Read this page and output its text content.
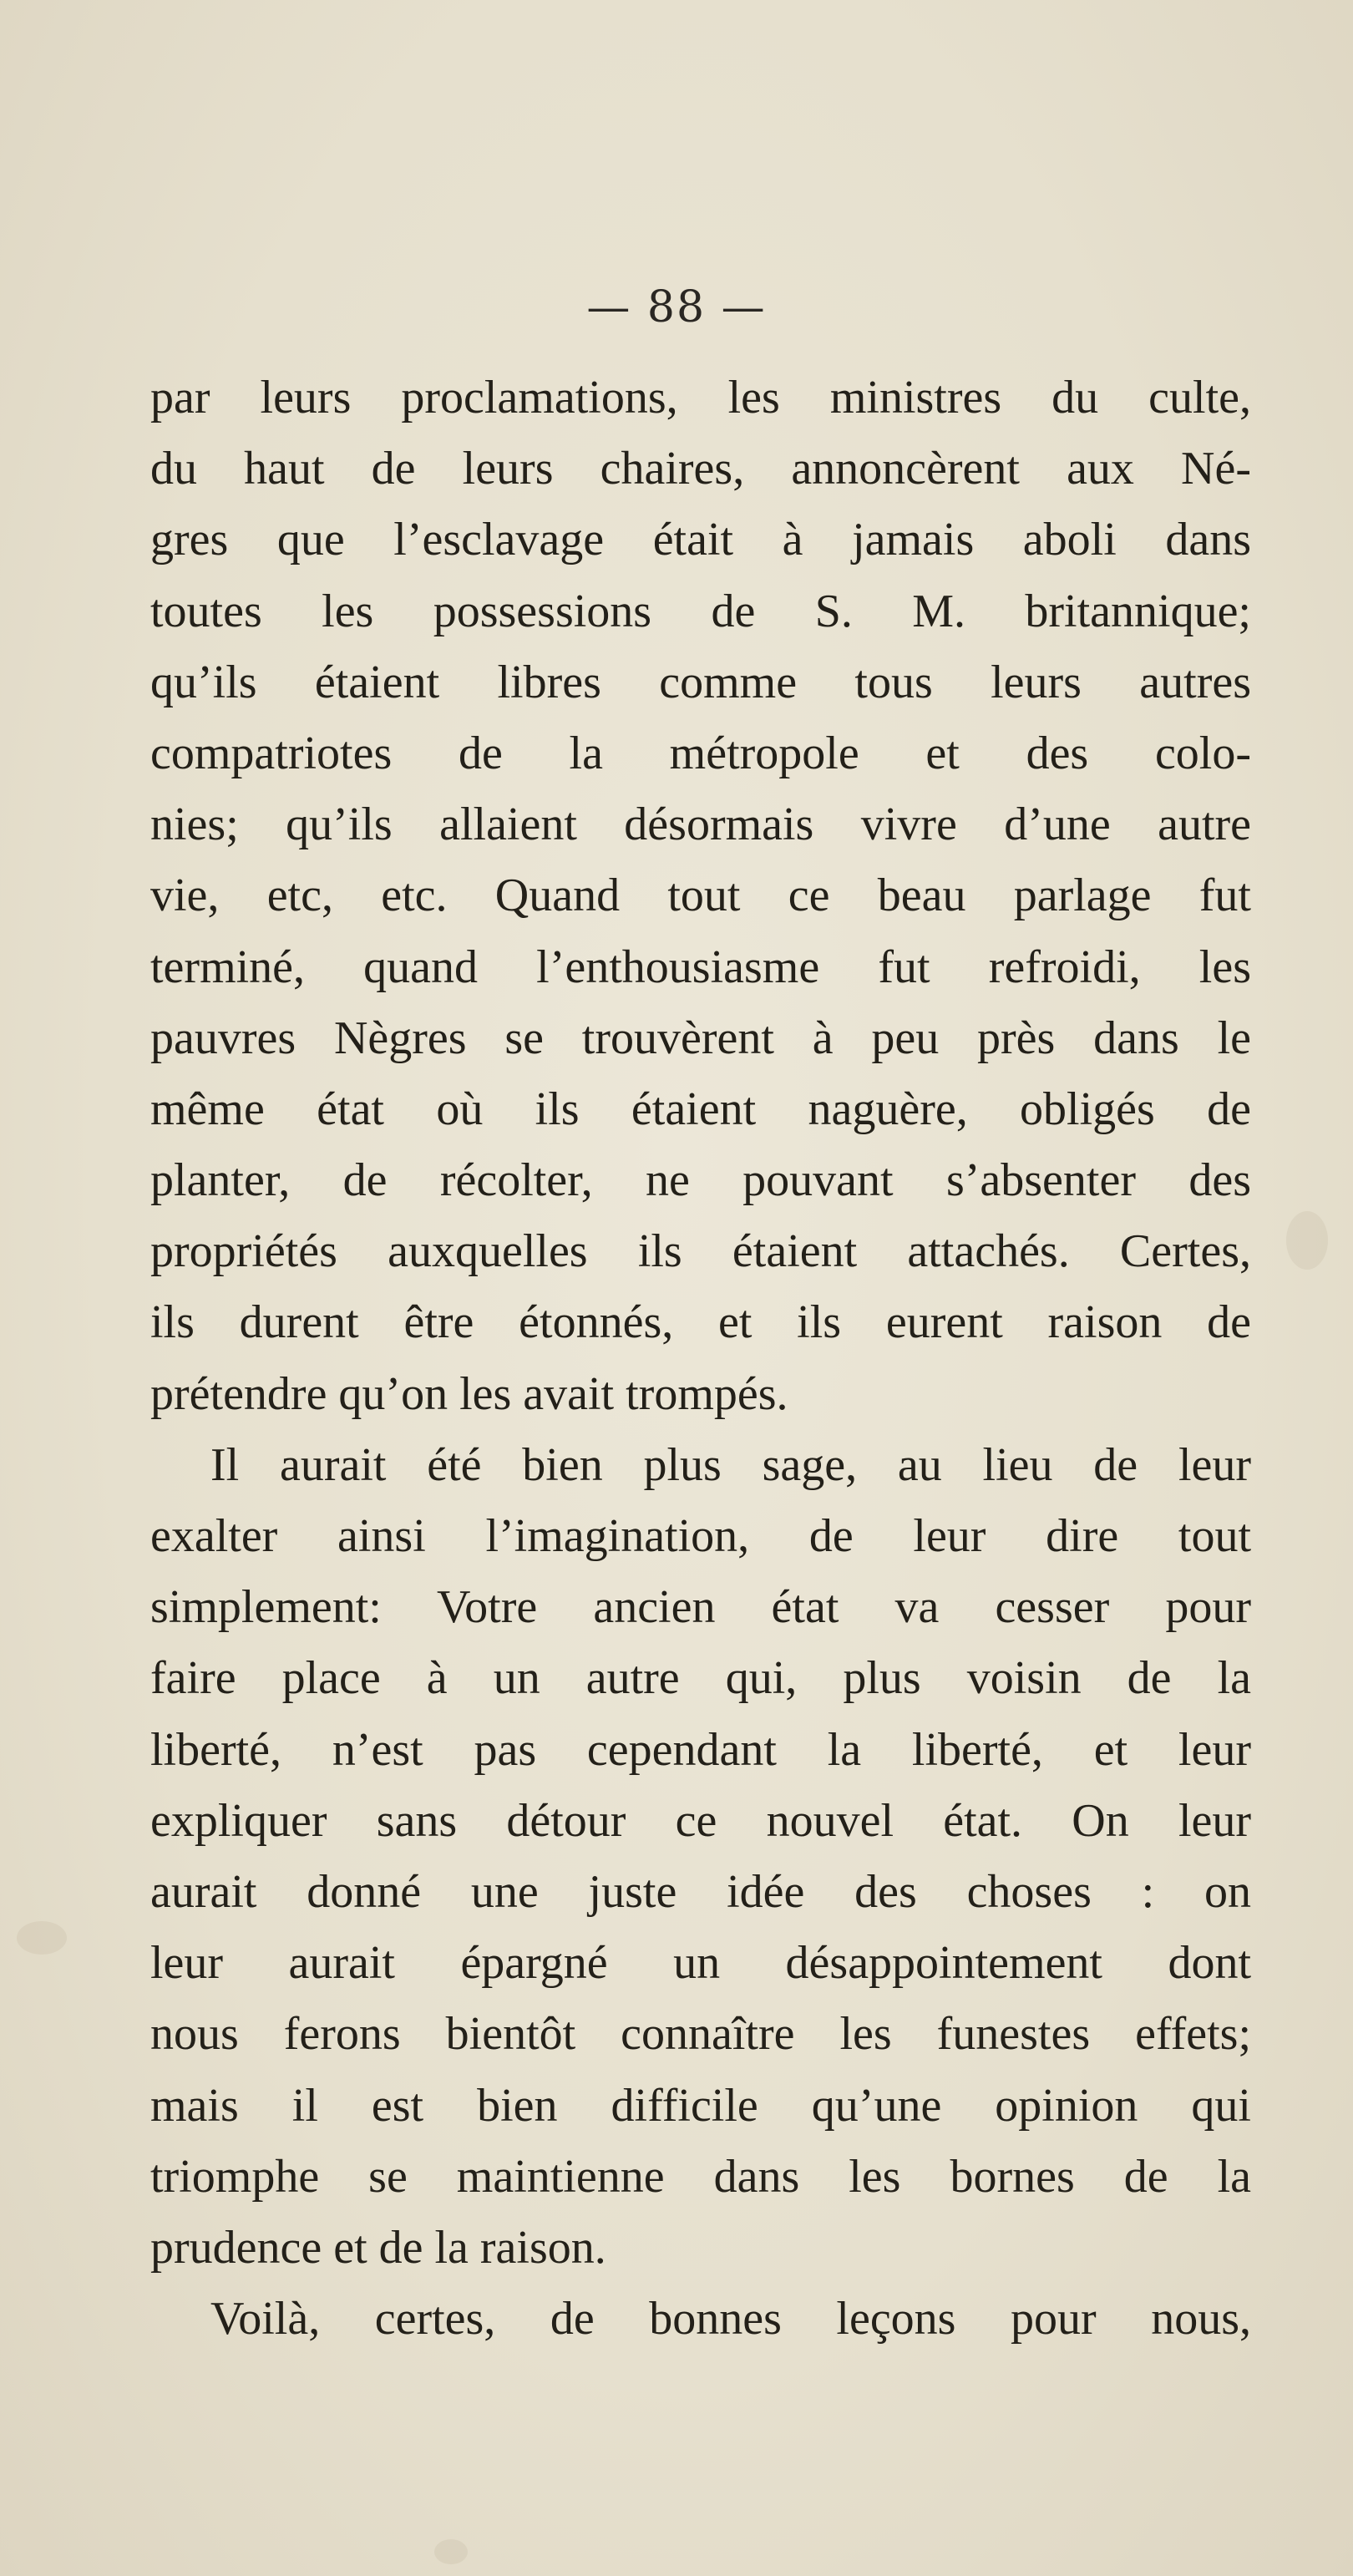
— 88 —
par leurs proclamations, les ministres du culte,
du haut de leurs chaires, annoncèrent aux Né-
gres que l’esclavage était à jamais aboli dans
toutes les possessions de S. M. britannique;
qu’ils étaient libres comme tous leurs autres
compatriotes de la métropole et des colo-
nies; qu’ils allaient désormais vivre d’une autre
vie, etc, etc. Quand tout ce beau parlage fut
terminé, quand l’enthousiasme fut refroidi, les
pauvres Nègres se trouvèrent à peu près dans le
même état où ils étaient naguère, obligés de
planter, de récolter, ne pouvant s’absenter des
propriétés auxquelles ils étaient attachés. Certes,
ils durent être étonnés, et ils eurent raison de
prétendre qu’on les avait trompés.
Il aurait été bien plus sage, au lieu de leur
exalter ainsi l’imagination, de leur dire tout
simplement: Votre ancien état va cesser pour
faire place à un autre qui, plus voisin de la
liberté, n’est pas cependant la liberté, et leur
expliquer sans détour ce nouvel état. On leur
aurait donné une juste idée des choses : on
leur aurait épargné un désappointement dont
nous ferons bientôt connaître les funestes effets;
mais il est bien difficile qu’une opinion qui
triomphe se maintienne dans les bornes de la
prudence et de la raison.
Voilà, certes, de bonnes leçons pour nous,
